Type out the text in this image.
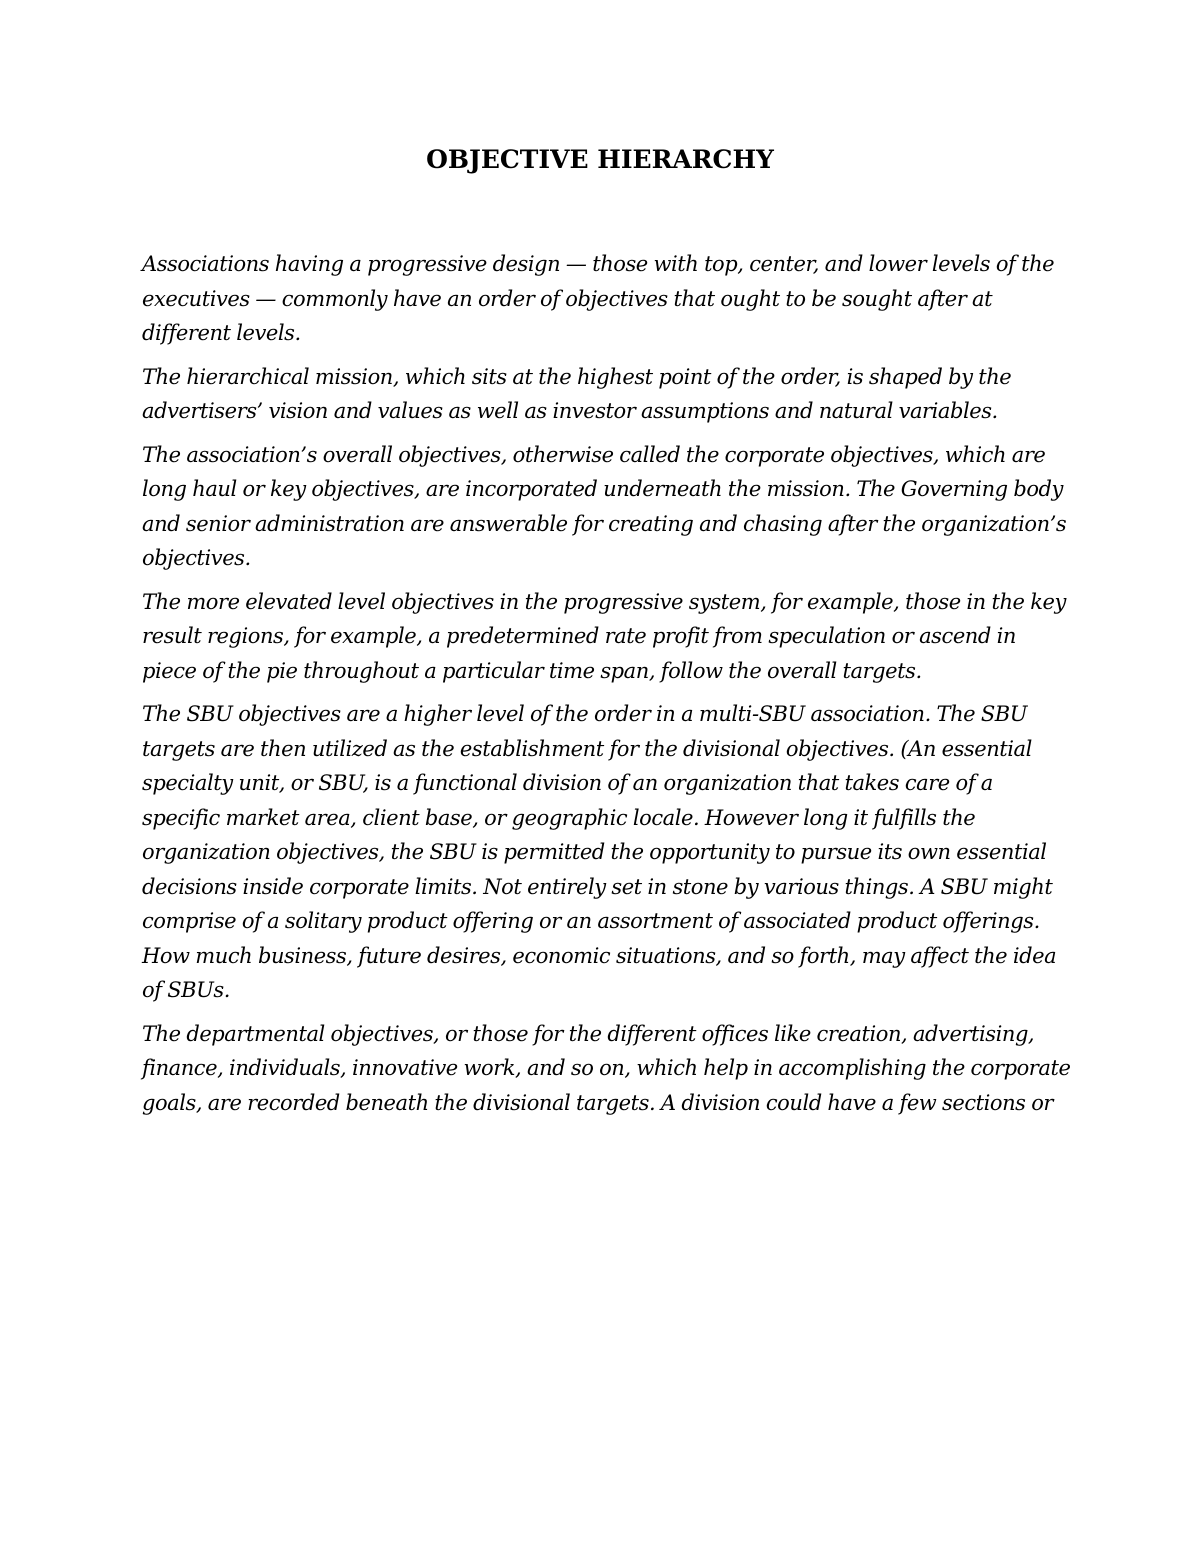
OBJECTIVE HIERARCHY

Associations having a progressive design — those with top, center, and lower levels of the executives — commonly have an order of objectives that ought to be sought after at different levels.

The hierarchical mission, which sits at the highest point of the order, is shaped by the advertisers’ vision and values as well as investor assumptions and natural variables.

The association’s overall objectives, otherwise called the corporate objectives, which are long haul or key objectives, are incorporated underneath the mission. The Governing body and senior administration are answerable for creating and chasing after the organization’s objectives.

The more elevated level objectives in the progressive system, for example, those in the key result regions, for example, a predetermined rate profit from speculation or ascend in piece of the pie throughout a particular time span, follow the overall targets.

The SBU objectives are a higher level of the order in a multi-SBU association. The SBU targets are then utilized as the establishment for the divisional objectives. (An essential specialty unit, or SBU, is a functional division of an organization that takes care of a specific market area, client base, or geographic locale. However long it fulfills the organization objectives, the SBU is permitted the opportunity to pursue its own essential decisions inside corporate limits. Not entirely set in stone by various things. A SBU might comprise of a solitary product offering or an assortment of associated product offerings. How much business, future desires, economic situations, and so forth, may affect the idea of SBUs.

The departmental objectives, or those for the different offices like creation, advertising, finance, individuals, innovative work, and so on, which help in accomplishing the corporate goals, are recorded beneath the divisional targets. A division could have a few sections or
